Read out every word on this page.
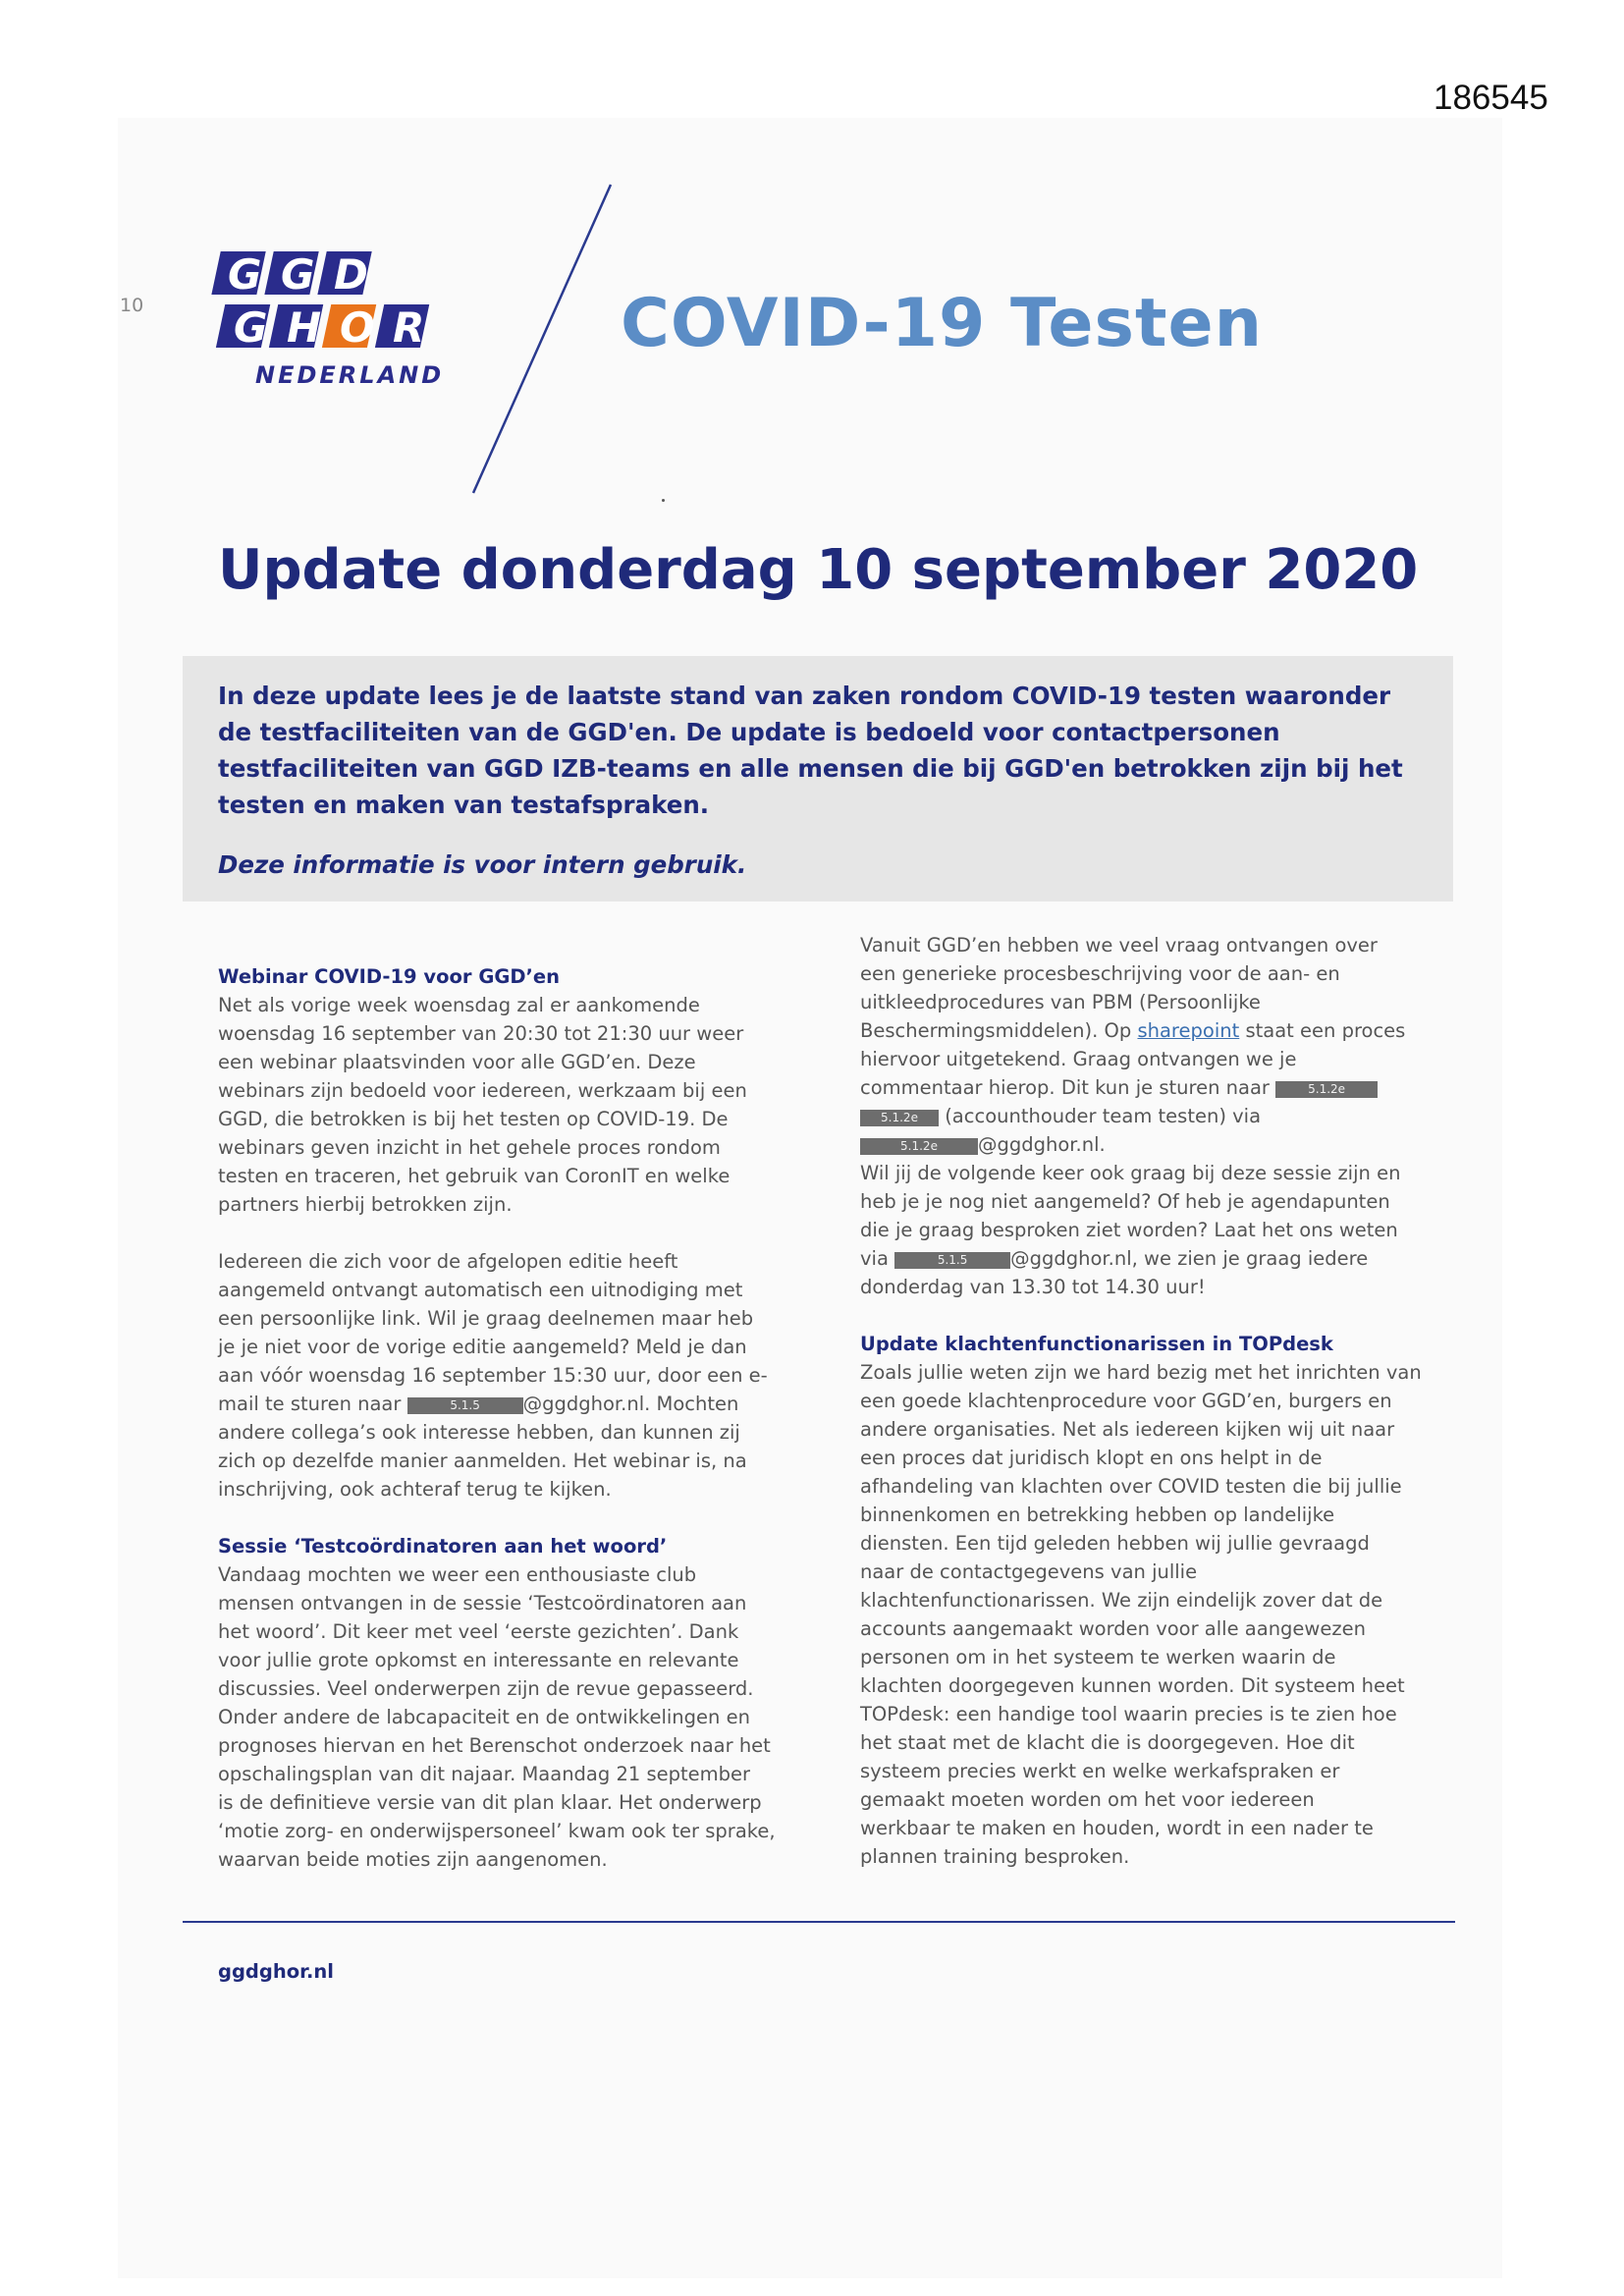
186545
10
G G D
G H O R
NEDERLAND
COVID-19 Testen
Update donderdag 10 september 2020

In deze update lees je de laatste stand van zaken rondom COVID-19 testen waaronder de testfaciliteiten van de GGD'en. De update is bedoeld voor contactpersonen testfaciliteiten van GGD IZB-teams en alle mensen die bij GGD'en betrokken zijn bij het testen en maken van testafspraken.

Deze informatie is voor intern gebruik.
Webinar COVID-19 voor GGD’en
Net als vorige week woensdag zal er aankomende
woensdag 16 september van 20:30 tot 21:30 uur weer
een webinar plaatsvinden voor alle GGD’en. Deze
webinars zijn bedoeld voor iedereen, werkzaam bij een
GGD, die betrokken is bij het testen op COVID-19. De
webinars geven inzicht in het gehele proces rondom
testen en traceren, het gebruik van CoronIT en welke
partners hierbij betrokken zijn.
Iedereen die zich voor de afgelopen editie heeft
aangemeld ontvangt automatisch een uitnodiging met
een persoonlijke link. Wil je graag deelnemen maar heb
je je niet voor de vorige editie aangemeld? Meld je dan
aan vóór woensdag 16 september 15:30 uur, door een e-
mail te sturen naar	5.1.5 @ggdghor.nl. Mochten
andere collega’s ook interesse hebben, dan kunnen zij
zich op dezelfde manier aanmelden. Het webinar is, na
inschrijving, ook achteraf terug te kijken.
Sessie ‘Testcoördinatoren aan het woord’
Vandaag mochten we weer een enthousiaste club
mensen ontvangen in de sessie ‘Testcoördinatoren aan
het woord’. Dit keer met veel ‘eerste gezichten’. Dank
voor jullie grote opkomst en interessante en relevante
discussies. Veel onderwerpen zijn de revue gepasseerd.
Onder andere de labcapaciteit en de ontwikkelingen en
prognoses hiervan en het Berenschot onderzoek naar het
opschalingsplan van dit najaar. Maandag 21 september
is de definitieve versie van dit plan klaar. Het onderwerp
‘motie zorg- en onderwijspersoneel’ kwam ook ter sprake,
waarvan beide moties zijn aangenomen.
Vanuit GGD’en hebben we veel vraag ontvangen over
een generieke procesbeschrijving voor de aan- en
uitkleedprocedures van PBM (Persoonlijke
Beschermingsmiddelen). Op sharepoint staat een proces
hiervoor uitgetekend. Graag ontvangen we je
commentaar hierop. Dit kun je sturen naar	5.1.2e
5.1.2e (accounthouder team testen) via
5.1.2e @ggdghor.nl.
Wil jij de volgende keer ook graag bij deze sessie zijn en
heb je je nog niet aangemeld? Of heb je agendapunten
die je graag besproken ziet worden? Laat het ons weten
via	5.1.5 @ggdghor.nl, we zien je graag iedere
donderdag van 13.30 tot 14.30 uur!
Update klachtenfunctionarissen in TOPdesk
Zoals jullie weten zijn we hard bezig met het inrichten van
een goede klachtenprocedure voor GGD’en, burgers en
andere organisaties. Net als iedereen kijken wij uit naar
een proces dat juridisch klopt en ons helpt in de
afhandeling van klachten over COVID testen die bij jullie
binnenkomen en betrekking hebben op landelijke
diensten. Een tijd geleden hebben wij jullie gevraagd
naar de contactgegevens van jullie
klachtenfunctionarissen. We zijn eindelijk zover dat de
accounts aangemaakt worden voor alle aangewezen
personen om in het systeem te werken waarin de
klachten doorgegeven kunnen worden. Dit systeem heet
TOPdesk: een handige tool waarin precies is te zien hoe
het staat met de klacht die is doorgegeven. Hoe dit
systeem precies werkt en welke werkafspraken er
gemaakt moeten worden om het voor iedereen
werkbaar te maken en houden, wordt in een nader te
plannen training besproken.
ggdghor.nl
